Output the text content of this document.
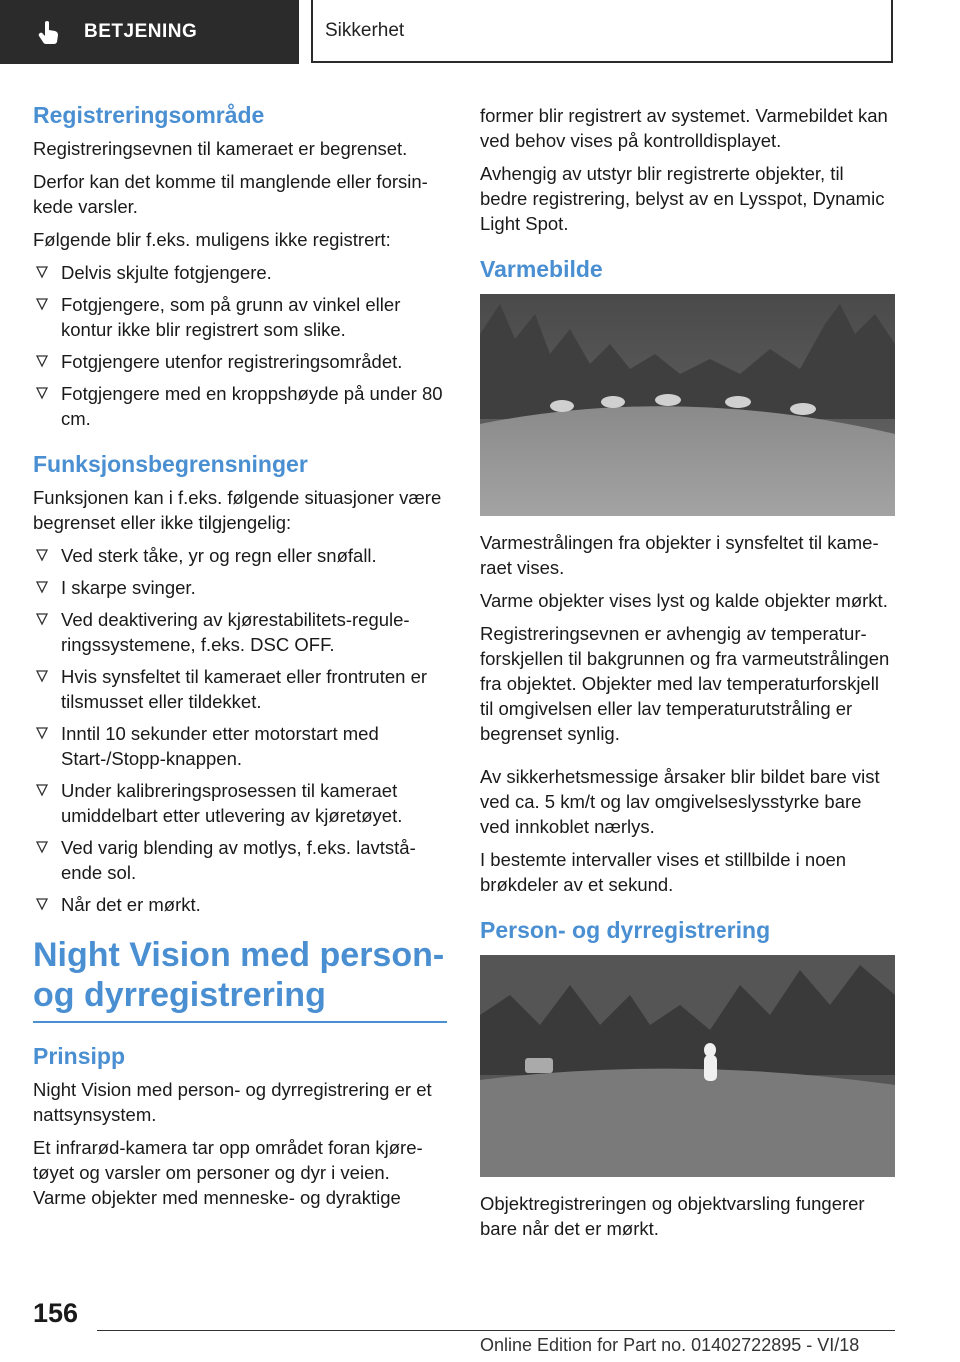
BETJENING	Sikkerhet
Registreringsområde

Registreringsevnen til kameraet er begrenset.

Derfor kan det komme til manglende eller forsinkede varsler.

Følgende blir f.eks. muligens ikke registrert:

Delvis skjulte fotgjengere.
Fotgjengere, som på grunn av vinkel eller kontur ikke blir registrert som slike.
Fotgjengere utenfor registreringsområdet.
Fotgjengere med en kroppshøyde på under 80 cm.
Funksjonsbegrensninger

Funksjonen kan i f.eks. følgende situasjoner være begrenset eller ikke tilgjengelig:

Ved sterk tåke, yr og regn eller snøfall.
I skarpe svinger.
Ved deaktivering av kjørestabilitets-reguleringssystemene, f.eks. DSC OFF.
Hvis synsfeltet til kameraet eller frontruten er tilsmusset eller tildekket.
Inntil 10 sekunder etter motorstart med Start-/Stopp-knappen.
Under kalibreringsprosessen til kameraet umiddelbart etter utlevering av kjøretøyet.
Ved varig blending av motlys, f.eks. lavtstående sol.
Når det er mørkt.
Night Vision med person- og dyrregistrering
Prinsipp

Night Vision med person- og dyrregistrering er et nattsynsystem.

Et infrarød-kamera tar opp området foran kjøretøyet og varsler om personer og dyr i veien. Varme objekter med menneske- og dyraktige

former blir registrert av systemet. Varmebildet kan ved behov vises på kontrolldisplayet.

Avhengig av utstyr blir registrerte objekter, til bedre registrering, belyst av en Lysspot, Dynamic Light Spot.

Varmebilde

Varmestrålingen fra objekter i synsfeltet til kameraet vises.

Varme objekter vises lyst og kalde objekter mørkt.

Registreringsevnen er avhengig av temperaturforskjellen til bakgrunnen og fra varmeutstrålingen fra objektet. Objekter med lav temperaturforskjell til omgivelsen eller lav temperaturutstråling er begrenset synlig.

Av sikkerhetsmessige årsaker blir bildet bare vist ved ca. 5 km/t og lav omgivelseslysstyrke bare ved innkoblet nærlys.

I bestemte intervaller vises et stillbilde i noen brøkdeler av et sekund.

Person- og dyrregistrering

Objektregistreringen og objektvarsling fungerer bare når det er mørkt.

156
Online Edition for Part no. 01402722895 - VI/18
